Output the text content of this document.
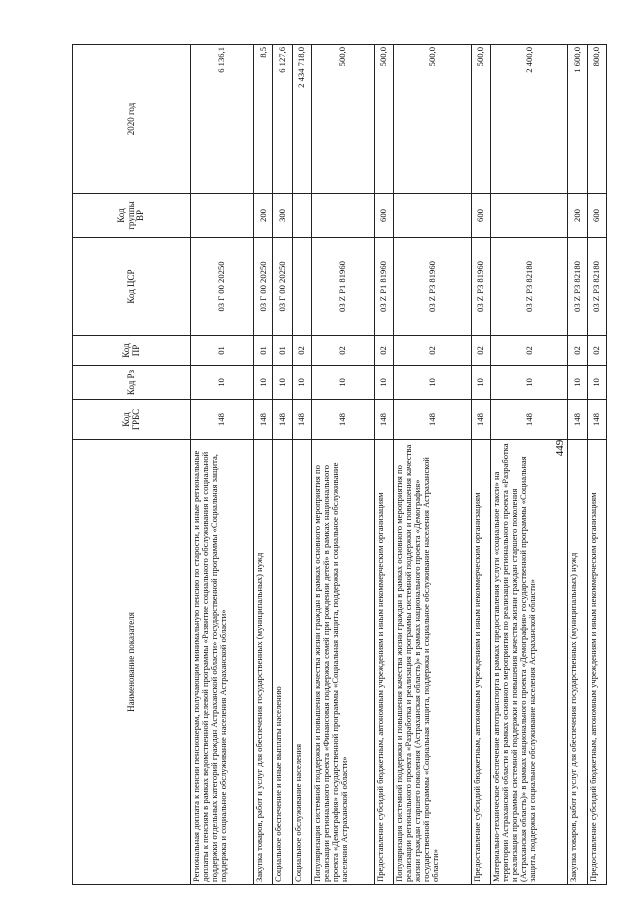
449
Наименование показателя	Код ГРБС	Код Рз	Код ПР	Код ЦСР	Код группы ВР	2020 год
Региональная доплата к пенсии пенсионерам, получающим минимальную пенсию по старости, и иные региональные доплаты к пенсиям в рамках ведомственной целевой программы «Развитие социального обслуживания и социальной поддержки отдельных категорий граждан Астраханской области» государственной программы «Социальная защита, поддержка и социальное обслуживание населения Астраханской области»	148	10	01	03 Г 00 20250		6 136,1
Закупка товаров, работ и услуг для обеспечения государственных (муниципальных) нужд	148	10	01	03 Г 00 20250	200	8,5
Социальное обеспечение и иные выплаты населению	148	10	01	03 Г 00 20250	300	6 127,6
Социальное обслуживание населения	148	10	02			2 434 718,0
Популяризация системной поддержки и повышения качества жизни граждан в рамках основного мероприятия по реализации регионального проекта «Финансовая поддержка семей при рождении детей» в рамках национального проекта «Демография» государственной программы «Социальная защита, поддержка и социальное обслуживание населения Астраханской области»	148	10	02	03 Z P1 81960		500,0
Предоставление субсидий бюджетным, автономным учреждениям и иным некоммерческим организациям	148	10	02	03 Z P1 81960	600	500,0
Популяризация системной поддержки и повышения качества жизни граждан в рамках основного мероприятия по реализации регионального проекта «Разработка и реализация программы системной поддержки и повышения качества жизни граждан старшего поколения (Астраханская область)» в рамках национального проекта «Демография» государственной программы «Социальная защита, поддержка и социальное обслуживание населения Астраханской области»	148	10	02	03 Z P3 81960		500,0
Предоставление субсидий бюджетным, автономным учреждениям и иным некоммерческим организациям	148	10	02	03 Z P3 81960	600	500,0
Материально-техническое обеспечение автотранспорта в рамках предоставления услуги «социальное такси» на территории Астраханской области в рамках основного мероприятия по реализации регионального проекта «Разработка и реализация программы системной поддержки и повышения качества жизни граждан старшего поколения (Астраханская область)» в рамках национального проекта «Демография» государственной программы «Социальная защита, поддержка и социальное обслуживание населения Астраханской области»	148	10	02	03 Z P3 82180		2 400,0
Закупка товаров, работ и услуг для обеспечения государственных (муниципальных) нужд	148	10	02	03 Z P3 82180	200	1 600,0
Предоставление субсидий бюджетным, автономным учреждениям и иным некоммерческим организациям	148	10	02	03 Z P3 82180	600	800,0
